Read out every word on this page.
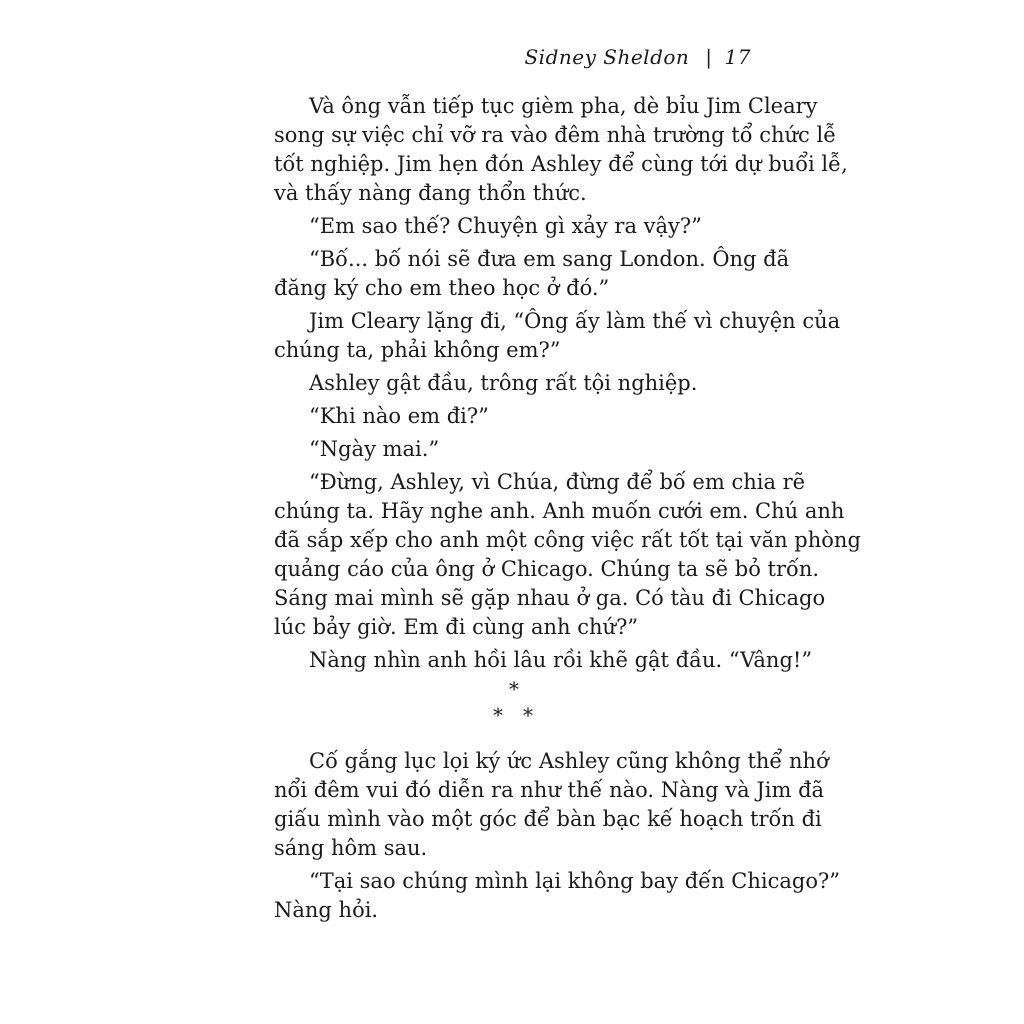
Sidney Sheldon | 17
Và ông vẫn tiếp tục gièm pha, dè bỉu Jim Cleary
song sự việc chỉ vỡ ra vào đêm nhà trường tổ chức lễ
tốt nghiệp. Jim hẹn đón Ashley để cùng tới dự buổi lễ,
và thấy nàng đang thổn thức.
“Em sao thế? Chuyện gì xảy ra vậy?”
“Bố... bố nói sẽ đưa em sang London. Ông đã
đăng ký cho em theo học ở đó.”
Jim Cleary lặng đi, “Ông ấy làm thế vì chuyện của
chúng ta, phải không em?”
Ashley gật đầu, trông rất tội nghiệp.
“Khi nào em đi?”
“Ngày mai.”
“Đừng, Ashley, vì Chúa, đừng để bố em chia rẽ
chúng ta. Hãy nghe anh. Anh muốn cưới em. Chú anh
đã sắp xếp cho anh một công việc rất tốt tại văn phòng
quảng cáo của ông ở Chicago. Chúng ta sẽ bỏ trốn.
Sáng mai mình sẽ gặp nhau ở ga. Có tàu đi Chicago
lúc bảy giờ. Em đi cùng anh chứ?”
Nàng nhìn anh hồi lâu rồi khẽ gật đầu. “Vâng!”
*
* *
Cố gắng lục lọi ký ức Ashley cũng không thể nhớ
nổi đêm vui đó diễn ra như thế nào. Nàng và Jim đã
giấu mình vào một góc để bàn bạc kế hoạch trốn đi
sáng hôm sau.
“Tại sao chúng mình lại không bay đến Chicago?”
Nàng hỏi.
